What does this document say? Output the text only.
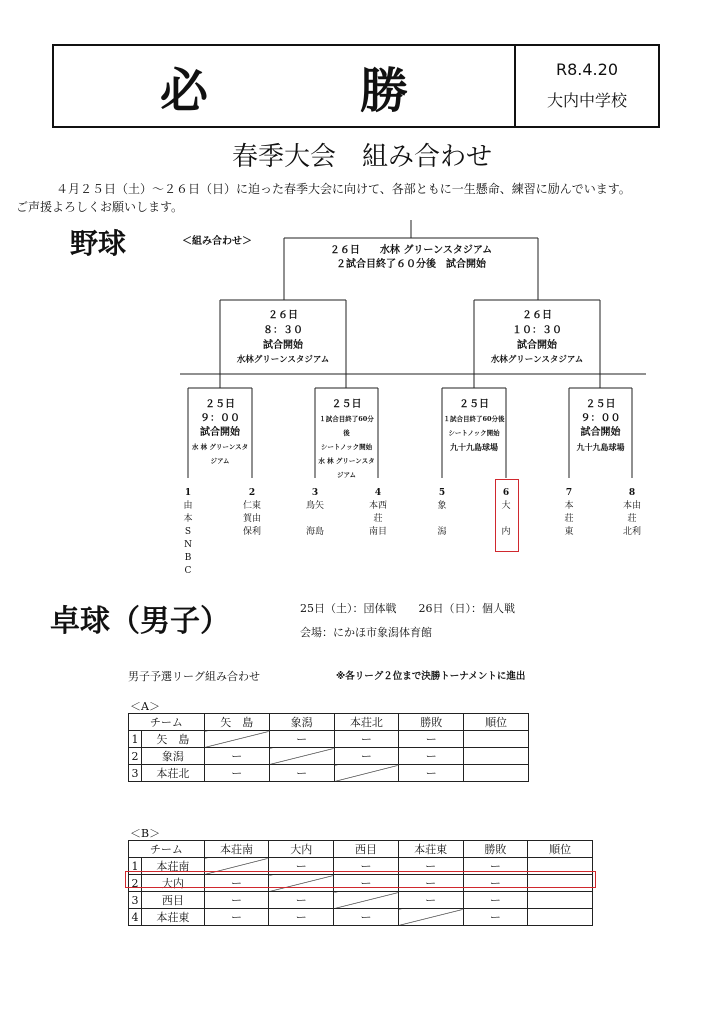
必　勝	R8.4.20
大内中学校
春季大会　組み合わせ
４月２５日（土）～２６日（日）に迫った春季大会に向けて、各部ともに一生懸命、練習に励んでいます。
ご声援よろしくお願いします。
野球	＜組み合わせ＞
２６日　　水林 グリーンスタジアム
２試合目終了６０分後　試合開始
２６日
８：３０
試合開始
水林グリーンスタジアム
２６日
１０：３０
試合開始
水林グリーンスタジアム
２５日
９：００
試合開始
水 林 グリーンスタジアム
２５日
１試合目終了60分後
シートノック開始
水 林 グリーンスタジアム
２５日
１試合目終了60分後
シートノック開始
九十九島球場
２５日
９：００
試合開始
九十九島球場
1
由
本
S
N
B
C
2
仁東
賀由
保利
3
鳥矢

海島
4
本西
荘
南目
5
象

潟
6
大

内
7
本
荘
東
8
本由
荘
北利
卓球（男子）	25日（土）：団体戦　　26日（日）：個人戦
会場：にかほ市象潟体育館
男子予選リーグ組み合わせ	※各リーグ２位まで決勝トーナメントに進出
＜A＞
チーム		矢　島	象潟	本荘北	勝敗	順位
1	矢　島		ー	ー	ー	
2	象潟	ー		ー	ー	
3	本荘北	ー	ー		ー	
＜B＞
チーム		本荘南	大内	西目	本荘東	勝敗	順位
1	本荘南		ー	ー	ー	ー	
2	大内	ー		ー	ー	ー	
3	西目	ー	ー		ー	ー	
4	本荘東	ー	ー	ー		ー	
